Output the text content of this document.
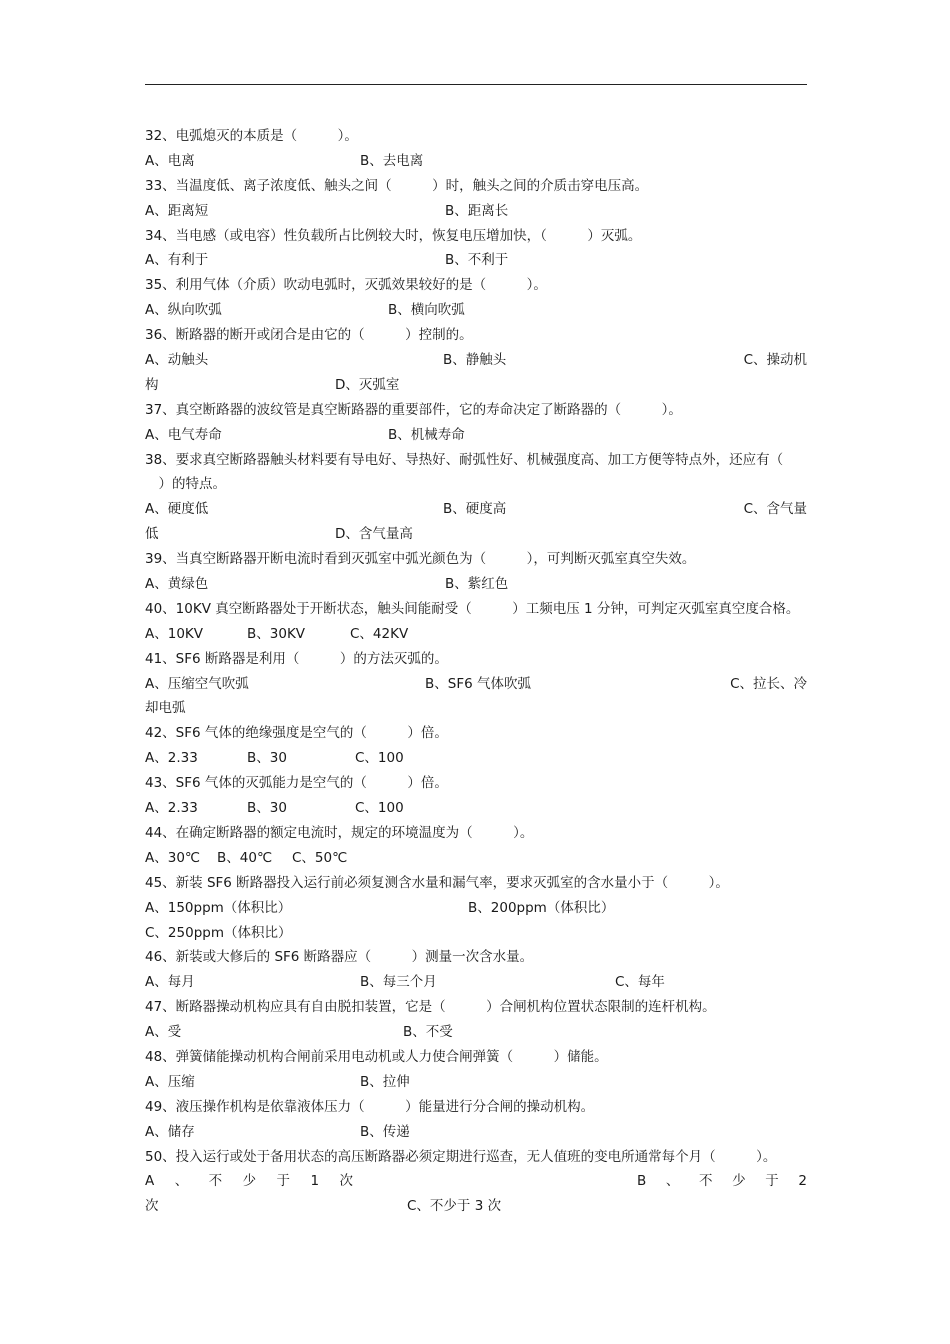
32、电弧熄灭的本质是（　　　）。
A、电离	B、去电离
33、当温度低、离子浓度低、触头之间（　　　）时，触头之间的介质击穿电压高。
A、距离短	B、距离长
34、当电感（或电容）性负载所占比例较大时，恢复电压增加快，（　　　）灭弧。
A、有利于	B、不利于
35、利用气体（介质）吹动电弧时，灭弧效果较好的是（　　　）。
A、纵向吹弧	B、横向吹弧
36、断路器的断开或闭合是由它的（　　　）控制的。
A、动触头	B、静触头	C、操动机
构	D、灭弧室
37、真空断路器的波纹管是真空断路器的重要部件，它的寿命决定了断路器的（　　　）。
A、电气寿命	B、机械寿命
38、要求真空断路器触头材料要有导电好、导热好、耐弧性好、机械强度高、加工方便等特点外，还应有（
　）的特点。
A、硬度低	B、硬度高	C、含气量
低	D、含气量高
39、当真空断路器开断电流时看到灭弧室中弧光颜色为（　　　），可判断灭弧室真空失效。
A、黄绿色	B、紫红色
40、10KV 真空断路器处于开断状态，触头间能耐受（　　　）工频电压 1 分钟，可判定灭弧室真空度合格。
A、10KV	B、30KV	C、42KV
41、SF6 断路器是利用（　　　）的方法灭弧的。
A、压缩空气吹弧	B、SF6 气体吹弧	C、拉长、冷
却电弧
42、SF6 气体的绝缘强度是空气的（　　　）倍。
A、2.33	B、30	C、100
43、SF6 气体的灭弧能力是空气的（　　　）倍。
A、2.33	B、30	C、100
44、在确定断路器的额定电流时，规定的环境温度为（　　　）。
A、30℃ B、40℃ C、50℃
45、新装 SF6 断路器投入运行前必须复测含水量和漏气率，要求灭弧室的含水量小于（　　　）。
A、150ppm（体积比）	B、200ppm（体积比）
C、250ppm（体积比）
46、新装或大修后的 SF6 断路器应（　　　）测量一次含水量。
A、每月	B、每三个月	C、每年
47、断路器操动机构应具有自由脱扣装置，它是（　　　）合闸机构位置状态限制的连杆机构。
A、受	B、不受
48、弹簧储能操动机构合闸前采用电动机或人力使合闸弹簧（　　　）储能。
A、压缩	B、拉伸
49、液压操作机构是依靠液体压力（　　　）能量进行分合闸的操动机构。
A、储存	B、传递
50、投入运行或处于备用状态的高压断路器必须定期进行巡查，无人值班的变电所通常每个月（　　　）。
A 、 不 少 于 1 次	B 、 不 少 于 2
次	C、不少于 3 次
